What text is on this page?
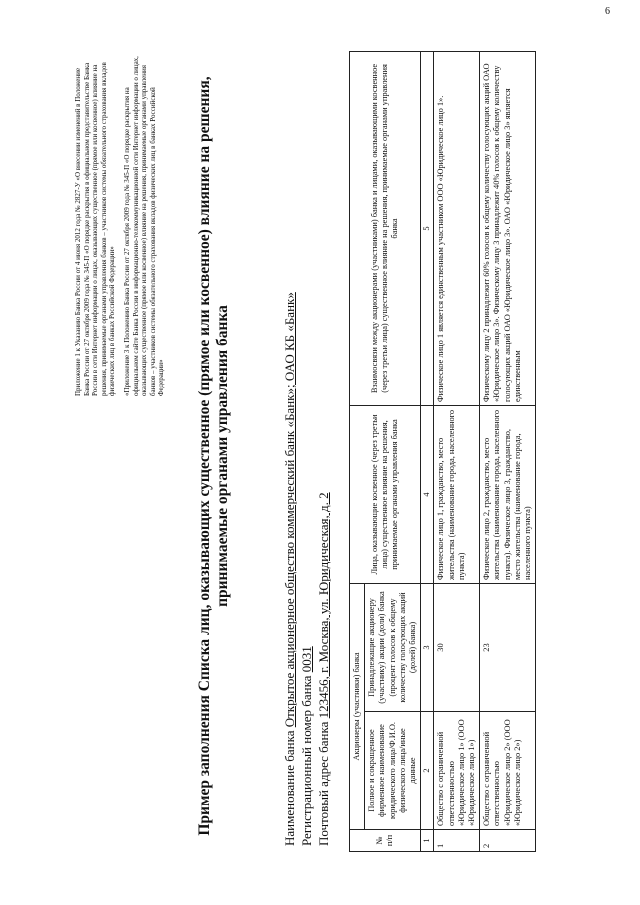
6

Приложение 1 к Указанию Банка России от 4 июня 2012 года № 2827-У «О внесении изменений в Положение Банка России от 27 октября 2009 года № 345-П «О порядке раскрытия в официальном представительстве Банка России в сети Интернет информации о лицах, оказывающих существенное (прямое или косвенное) влияние на решения, принимаемые органами управления банков – участников системы обязательного страхования вкладов физических лиц в банках Российской Федерации» «Приложение 3 к Положению Банка России от 27 октября 2009 года № 345-П «О порядке раскрытия на официальном сайте Банка России в информационно-телекоммуникационной сети Интернет информации о лицах, оказывающих существенное (прямое или косвенное) влияние на решения, принимаемые органами управления банков – участников системы обязательного страхования вкладов физических лиц в банках Российской Федерации» Пример заполнения Списка лиц, оказывающих существенное (прямое или косвенное) влияние на решения, принимаемые органами управления банка
Наименование банка Открытое акционерное общество коммерческий банк «Банк»; ОАО КБ «Банк»
Регистрационный номер банка 0031
Почтовый адрес банка 123456, г. Москва, ул. Юридическая, д. 2
№ п/п	Акционеры (участники) банка		Лица, оказывающие косвенное (через третьи лица) существенное влияние на решения, принимаемые органами управления банка	Взаимосвязи между акционерами (участниками) банка и лицами, оказывающими косвенное (через третьи лица) существенное влияние на решения, принимаемые органами управления банка
	Полное и сокращенное фирменное наименование юридического лица/Ф.И.О. физического лица/иные данные	Принадлежащие акционеру (участнику) акции (доли) банка (процент голосов к общему количеству голосующих акций (долей) банка)		
1	2	3	4	5
1	Общество с ограниченной ответственностью «Юридическое лицо 1» (ООО «Юридическое лицо 1»)	30	Физическое лицо 1, гражданство, место жительства (наименование города, населенного пункта)	Физическое лицо 1 является единственным участником ООО «Юридическое лицо 1».
2	Общество с ограниченной ответственностью «Юридическое лицо 2» (ООО «Юридическое лицо 2»)	23	Физическое лицо 2, гражданство, место жительства (наименование города, населенного пункта). Физическое лицо 3, гражданство, место жительства (наименование города, населенного пункта)	Физическому лицу 2 принадлежит 60% голосов к общему количеству голосующих акций ОАО «Юридическое лицо 3». Физическому лицу 3 принадлежит 40% голосов к общему количеству голосующих акций ОАО «Юридическое лицо 3». ОАО «Юридическое лицо 3» является единственным
